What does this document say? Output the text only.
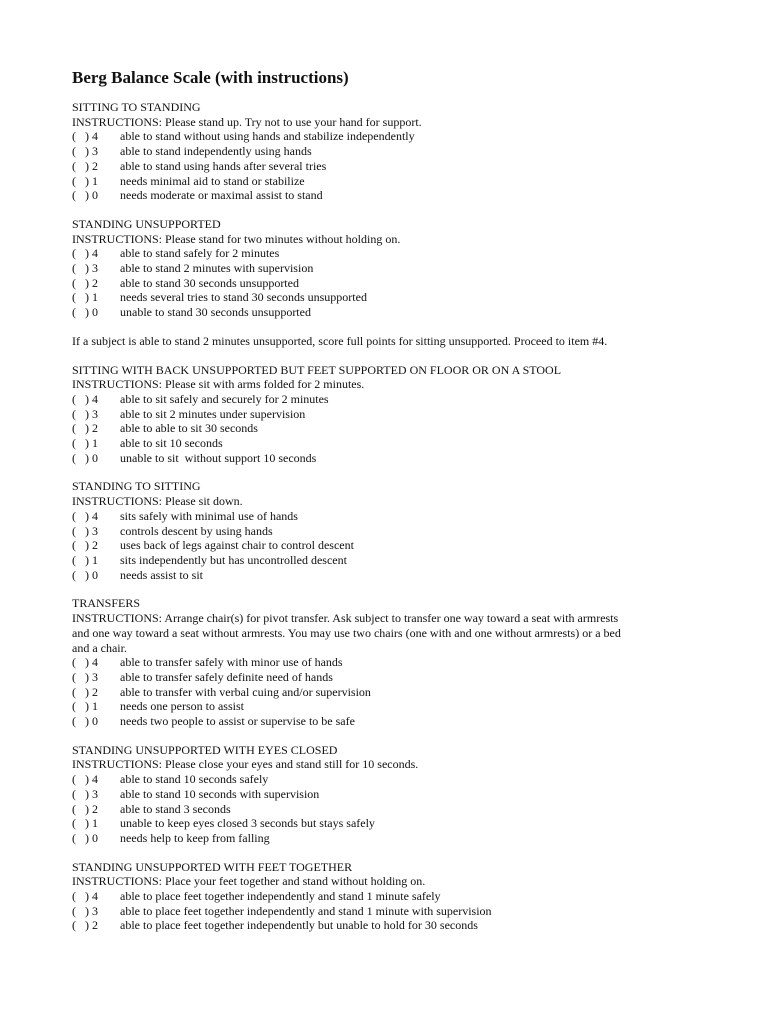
Berg Balance Scale (with instructions)
SITTING TO STANDING
INSTRUCTIONS: Please stand up. Try not to use your hand for support.
(   ) 4	able to stand without using hands and stabilize independently
(   ) 3	able to stand independently using hands
(   ) 2	able to stand using hands after several tries
(   ) 1	needs minimal aid to stand or stabilize
(   ) 0	needs moderate or maximal assist to stand
STANDING UNSUPPORTED
INSTRUCTIONS: Please stand for two minutes without holding on.
(   ) 4	able to stand safely for 2 minutes
(   ) 3	able to stand 2 minutes with supervision
(   ) 2	able to stand 30 seconds unsupported
(   ) 1	needs several tries to stand 30 seconds unsupported
(   ) 0	unable to stand 30 seconds unsupported
If a subject is able to stand 2 minutes unsupported, score full points for sitting unsupported. Proceed to item #4.
SITTING WITH BACK UNSUPPORTED BUT FEET SUPPORTED ON FLOOR OR ON A STOOL
INSTRUCTIONS: Please sit with arms folded for 2 minutes.
(   ) 4	able to sit safely and securely for 2 minutes
(   ) 3	able to sit 2 minutes under supervision
(   ) 2	able to able to sit 30 seconds
(   ) 1	able to sit 10 seconds
(   ) 0	unable to sit  without support 10 seconds
STANDING TO SITTING
INSTRUCTIONS: Please sit down.
(   ) 4	sits safely with minimal use of hands
(   ) 3	controls descent by using hands
(   ) 2	uses back of legs against chair to control descent
(   ) 1	sits independently but has uncontrolled descent
(   ) 0	needs assist to sit
TRANSFERS
INSTRUCTIONS: Arrange chair(s) for pivot transfer. Ask subject to transfer one way toward a seat with armrests
and one way toward a seat without armrests. You may use two chairs (one with and one without armrests) or a bed
and a chair.
(   ) 4	able to transfer safely with minor use of hands
(   ) 3	able to transfer safely definite need of hands
(   ) 2	able to transfer with verbal cuing and/or supervision
(   ) 1	needs one person to assist
(   ) 0	needs two people to assist or supervise to be safe
STANDING UNSUPPORTED WITH EYES CLOSED
INSTRUCTIONS: Please close your eyes and stand still for 10 seconds.
(   ) 4	able to stand 10 seconds safely
(   ) 3	able to stand 10 seconds with supervision
(   ) 2	able to stand 3 seconds
(   ) 1	unable to keep eyes closed 3 seconds but stays safely
(   ) 0	needs help to keep from falling
STANDING UNSUPPORTED WITH FEET TOGETHER
INSTRUCTIONS: Place your feet together and stand without holding on.
(   ) 4	able to place feet together independently and stand 1 minute safely
(   ) 3	able to place feet together independently and stand 1 minute with supervision
(   ) 2	able to place feet together independently but unable to hold for 30 seconds
